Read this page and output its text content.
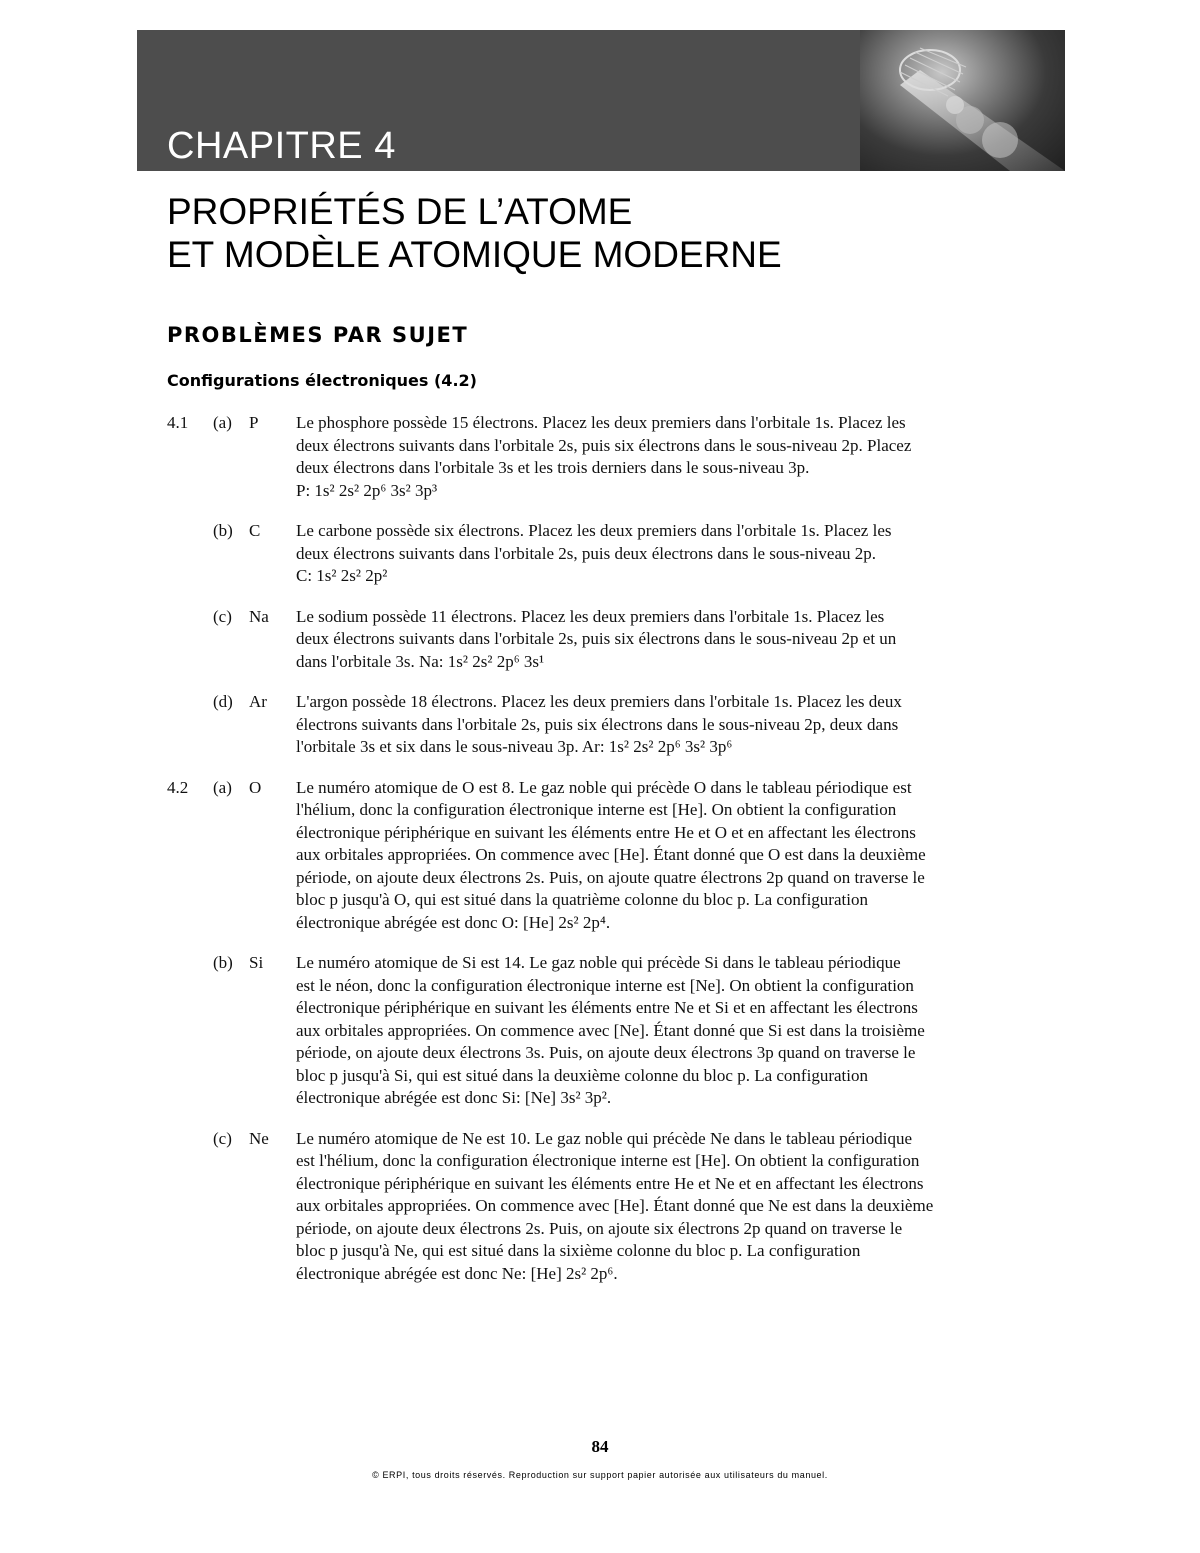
CHAPITRE 4
PROPRIÉTÉS DE L’ATOME
ET MODÈLE ATOMIQUE MODERNE
PROBLÈMES PAR SUJET
Configurations électroniques (4.2)
4.1 (a) P Le phosphore possède 15 électrons. Placez les deux premiers dans l'orbitale 1s. Placez les
deux électrons suivants dans l'orbitale 2s, puis six électrons dans le sous-niveau 2p. Placez
deux électrons dans l'orbitale 3s et les trois derniers dans le sous-niveau 3p.
P: 1s² 2s² 2p⁶ 3s² 3p³
(b) C Le carbone possède six électrons. Placez les deux premiers dans l'orbitale 1s. Placez les
deux électrons suivants dans l'orbitale 2s, puis deux électrons dans le sous-niveau 2p.
C: 1s² 2s² 2p²
(c) Na Le sodium possède 11 électrons. Placez les deux premiers dans l'orbitale 1s. Placez les
deux électrons suivants dans l'orbitale 2s, puis six électrons dans le sous-niveau 2p et un
dans l'orbitale 3s. Na: 1s² 2s² 2p⁶ 3s¹
(d) Ar L'argon possède 18 électrons. Placez les deux premiers dans l'orbitale 1s. Placez les deux
électrons suivants dans l'orbitale 2s, puis six électrons dans le sous-niveau 2p, deux dans
l'orbitale 3s et six dans le sous-niveau 3p. Ar: 1s² 2s² 2p⁶ 3s² 3p⁶
4.2 (a) O Le numéro atomique de O est 8. Le gaz noble qui précède O dans le tableau périodique est
l'hélium, donc la configuration électronique interne est [He]. On obtient la configuration
électronique périphérique en suivant les éléments entre He et O et en affectant les électrons
aux orbitales appropriées. On commence avec [He]. Étant donné que O est dans la deuxième
période, on ajoute deux électrons 2s. Puis, on ajoute quatre électrons 2p quand on traverse le
bloc p jusqu'à O, qui est situé dans la quatrième colonne du bloc p. La configuration
électronique abrégée est donc O: [He] 2s² 2p⁴.
(b) Si Le numéro atomique de Si est 14. Le gaz noble qui précède Si dans le tableau périodique
est le néon, donc la configuration électronique interne est [Ne]. On obtient la configuration
électronique périphérique en suivant les éléments entre Ne et Si et en affectant les électrons
aux orbitales appropriées. On commence avec [Ne]. Étant donné que Si est dans la troisième
période, on ajoute deux électrons 3s. Puis, on ajoute deux électrons 3p quand on traverse le
bloc p jusqu'à Si, qui est situé dans la deuxième colonne du bloc p. La configuration
électronique abrégée est donc Si: [Ne] 3s² 3p².
(c) Ne Le numéro atomique de Ne est 10. Le gaz noble qui précède Ne dans le tableau périodique
est l'hélium, donc la configuration électronique interne est [He]. On obtient la configuration
électronique périphérique en suivant les éléments entre He et Ne et en affectant les électrons
aux orbitales appropriées. On commence avec [He]. Étant donné que Ne est dans la deuxième
période, on ajoute deux électrons 2s. Puis, on ajoute six électrons 2p quand on traverse le
bloc p jusqu'à Ne, qui est situé dans la sixième colonne du bloc p. La configuration
électronique abrégée est donc Ne: [He] 2s² 2p⁶.
84
© ERPI, tous droits réservés. Reproduction sur support papier autorisée aux utilisateurs du manuel.
